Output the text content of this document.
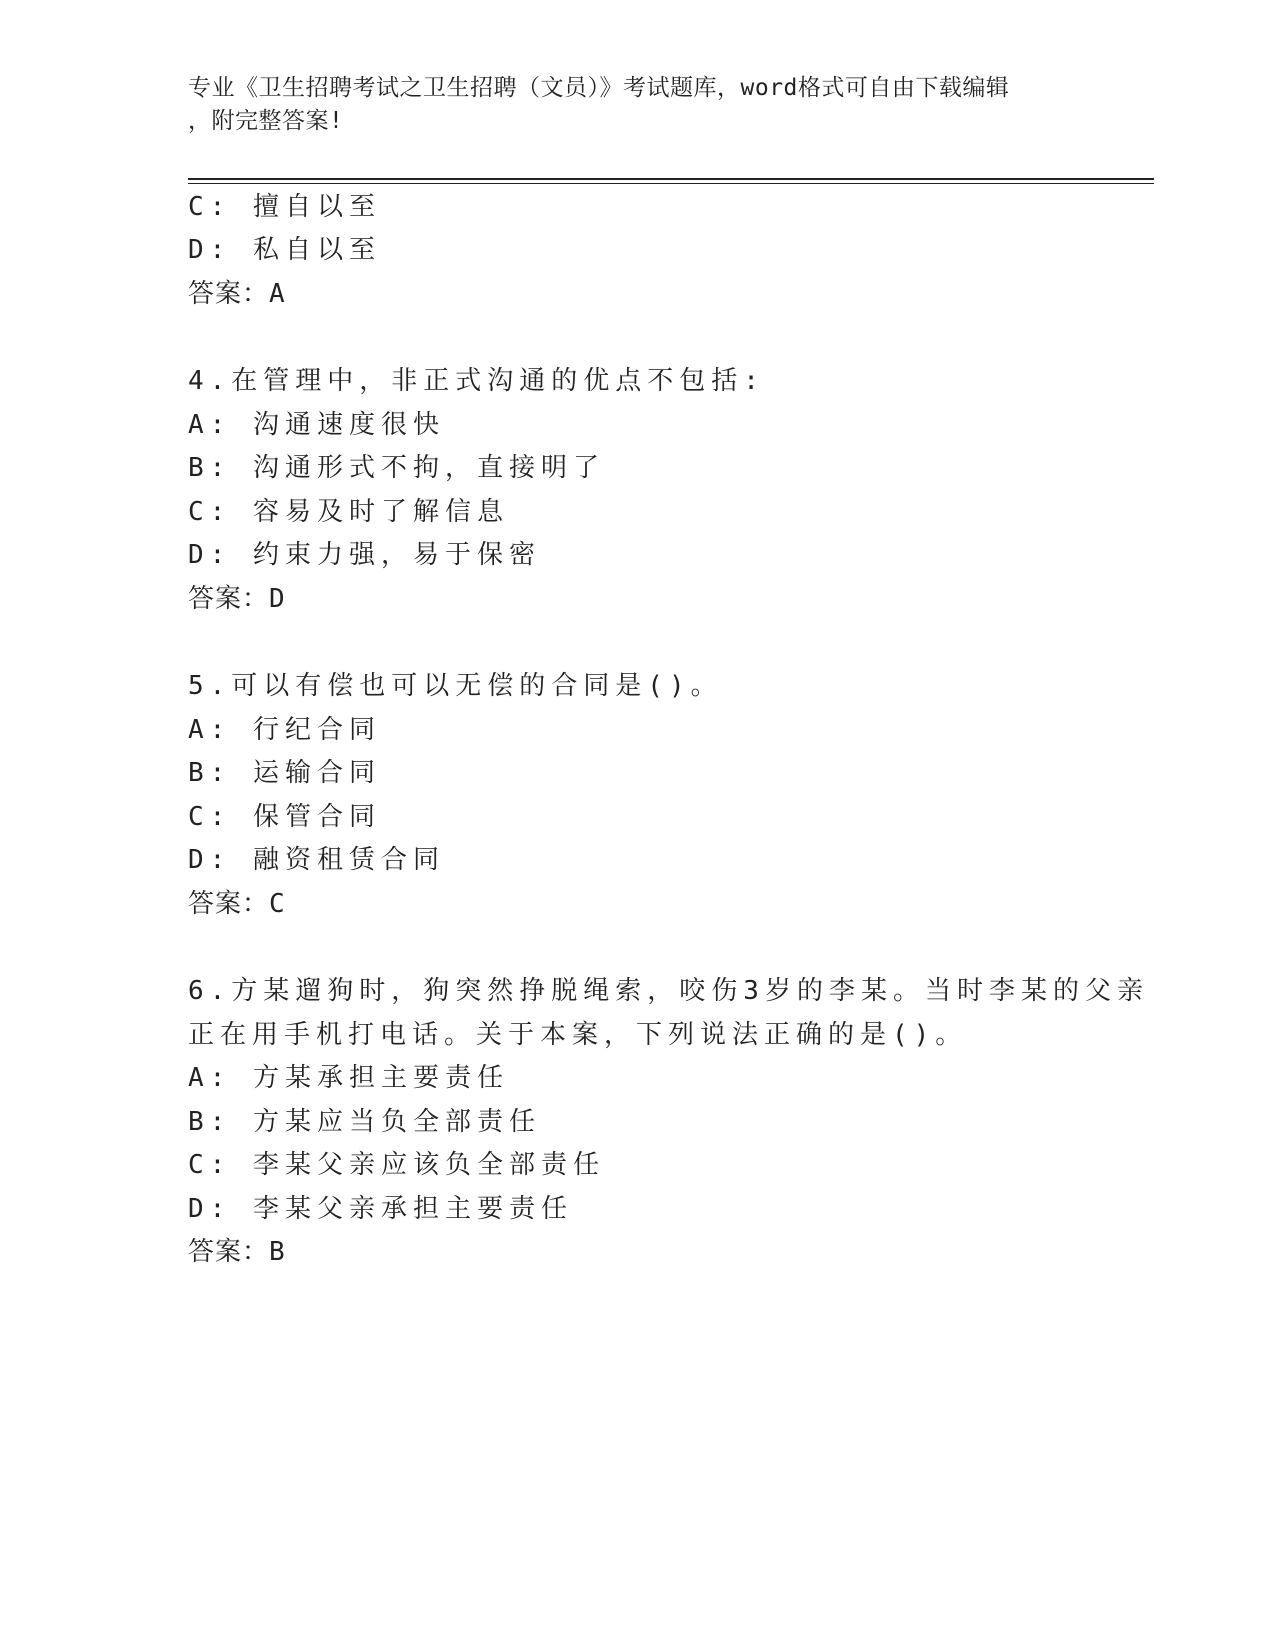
专业《卫生招聘考试之卫生招聘（文员）》考试题库，word格式可自由下载编辑
，附完整答案!
C: 擅自以至
D: 私自以至
答案：A
4.在管理中，非正式沟通的优点不包括:
A: 沟通速度很快
B: 沟通形式不拘，直接明了
C: 容易及时了解信息
D: 约束力强，易于保密
答案：D
5.可以有偿也可以无偿的合同是()。
A: 行纪合同
B: 运输合同
C: 保管合同
D: 融资租赁合同
答案：C
6.方某遛狗时，狗突然挣脱绳索，咬伤3岁的李某。当时李某的父亲
正在用手机打电话。关于本案，下列说法正确的是()。
A: 方某承担主要责任
B: 方某应当负全部责任
C: 李某父亲应该负全部责任
D: 李某父亲承担主要责任
答案：B
